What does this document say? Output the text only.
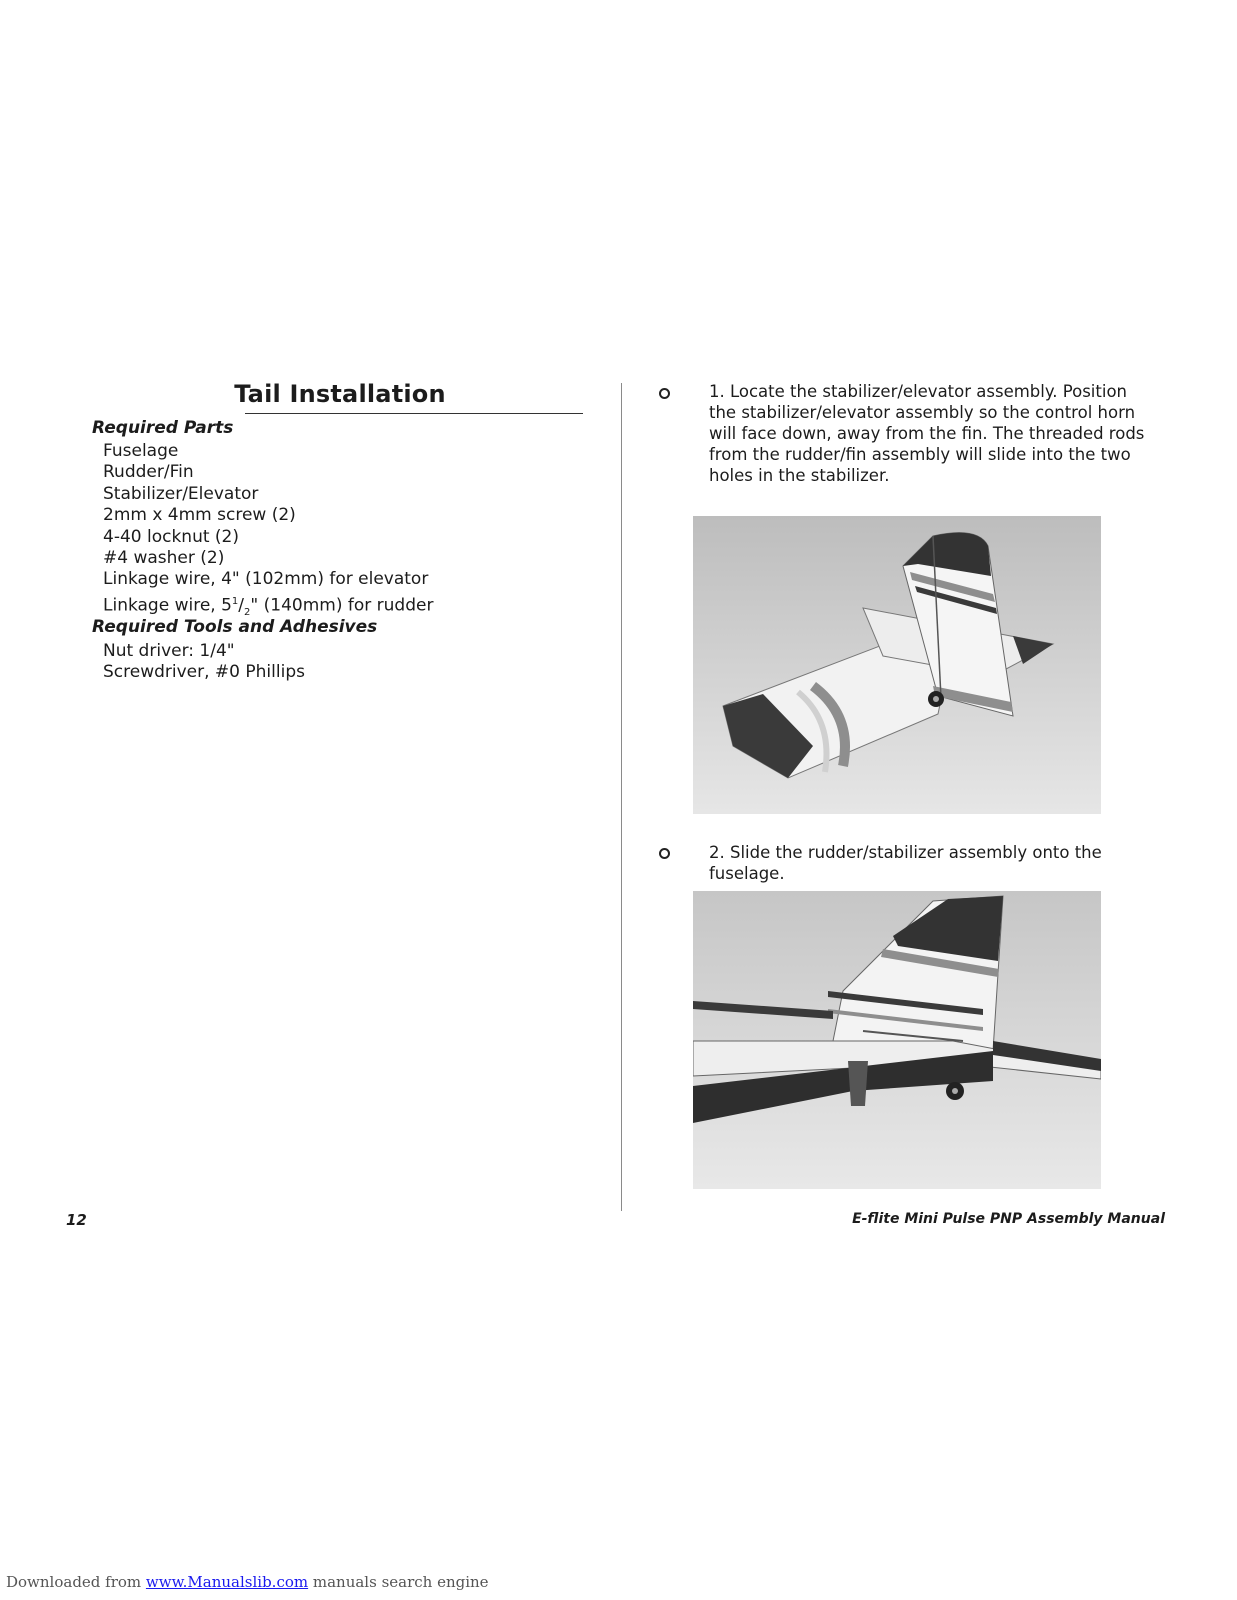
Tail Installation
Required Parts
Fuselage
Rudder/Fin
Stabilizer/Elevator
2mm x 4mm screw (2)
4-40 locknut (2)
#4 washer (2)
Linkage wire, 4" (102mm) for elevator
Linkage wire, $5^1/_2$" (140mm) for rudder
Required Tools and Adhesives
Nut driver: 1/4"
Screwdriver, #0 Phillips
1. Locate the stabilizer/elevator assembly. Position the stabilizer/elevator assembly so the control horn will face down, away from the fin. The threaded rods from the rudder/fin assembly will slide into the two holes in the stabilizer.
2. Slide the rudder/stabilizer assembly onto the fuselage.
12	E-flite Mini Pulse PNP Assembly Manual
Downloaded from www.Manualslib.com manuals search engine
